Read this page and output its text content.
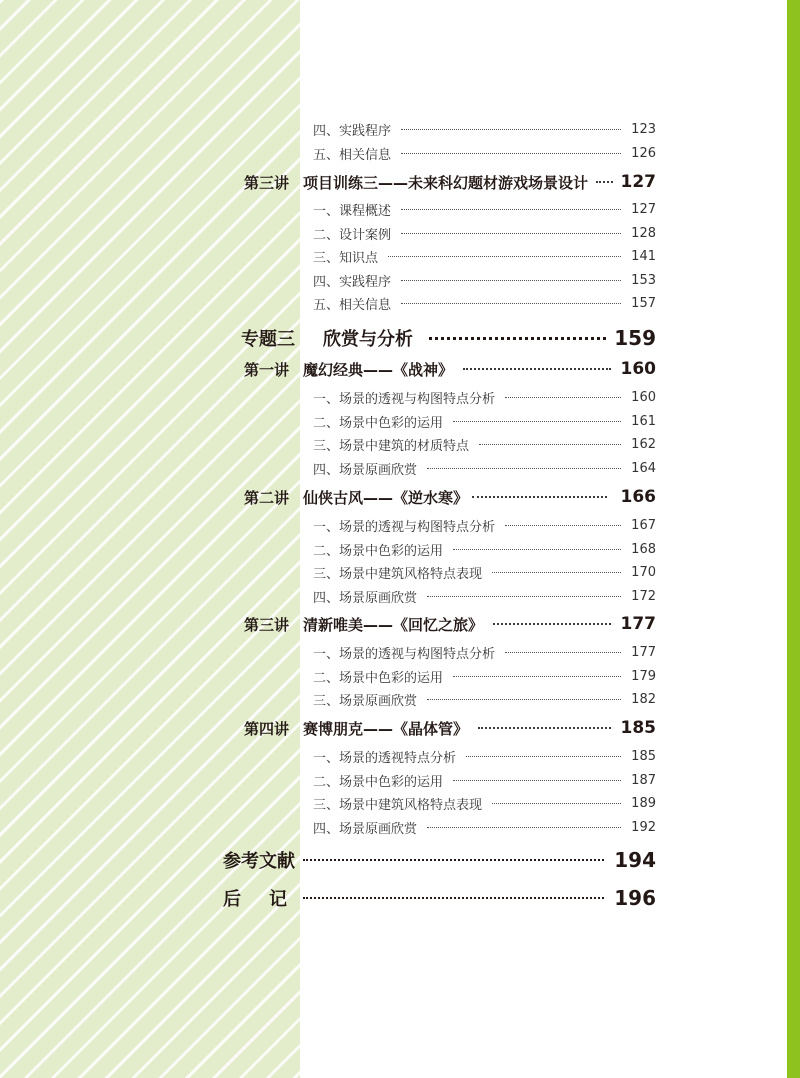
四、实践程序	123
五、相关信息	126
第三讲 项目训练三——未来科幻题材游戏场景设计 127
一、课程概述	127
二、设计案例	128
三、知识点	141
四、实践程序	153
五、相关信息	157
专题三	欣赏与分析	159
第一讲 魔幻经典——《战神》	160
一、场景的透视与构图特点分析	160
二、场景中色彩的运用	161
三、场景中建筑的材质特点	162
四、场景原画欣赏	164
第二讲 仙侠古风——《逆水寒》	166
一、场景的透视与构图特点分析	167
二、场景中色彩的运用	168
三、场景中建筑风格特点表现	170
四、场景原画欣赏	172
第三讲 清新唯美——《回忆之旅》	177
一、场景的透视与构图特点分析	177
二、场景中色彩的运用	179
三、场景原画欣赏	182
第四讲 赛博朋克——《晶体管》	185
一、场景的透视特点分析	185
二、场景中色彩的运用	187
三、场景中建筑风格特点表现	189
四、场景原画欣赏	192
参考文献	194
后记	196
